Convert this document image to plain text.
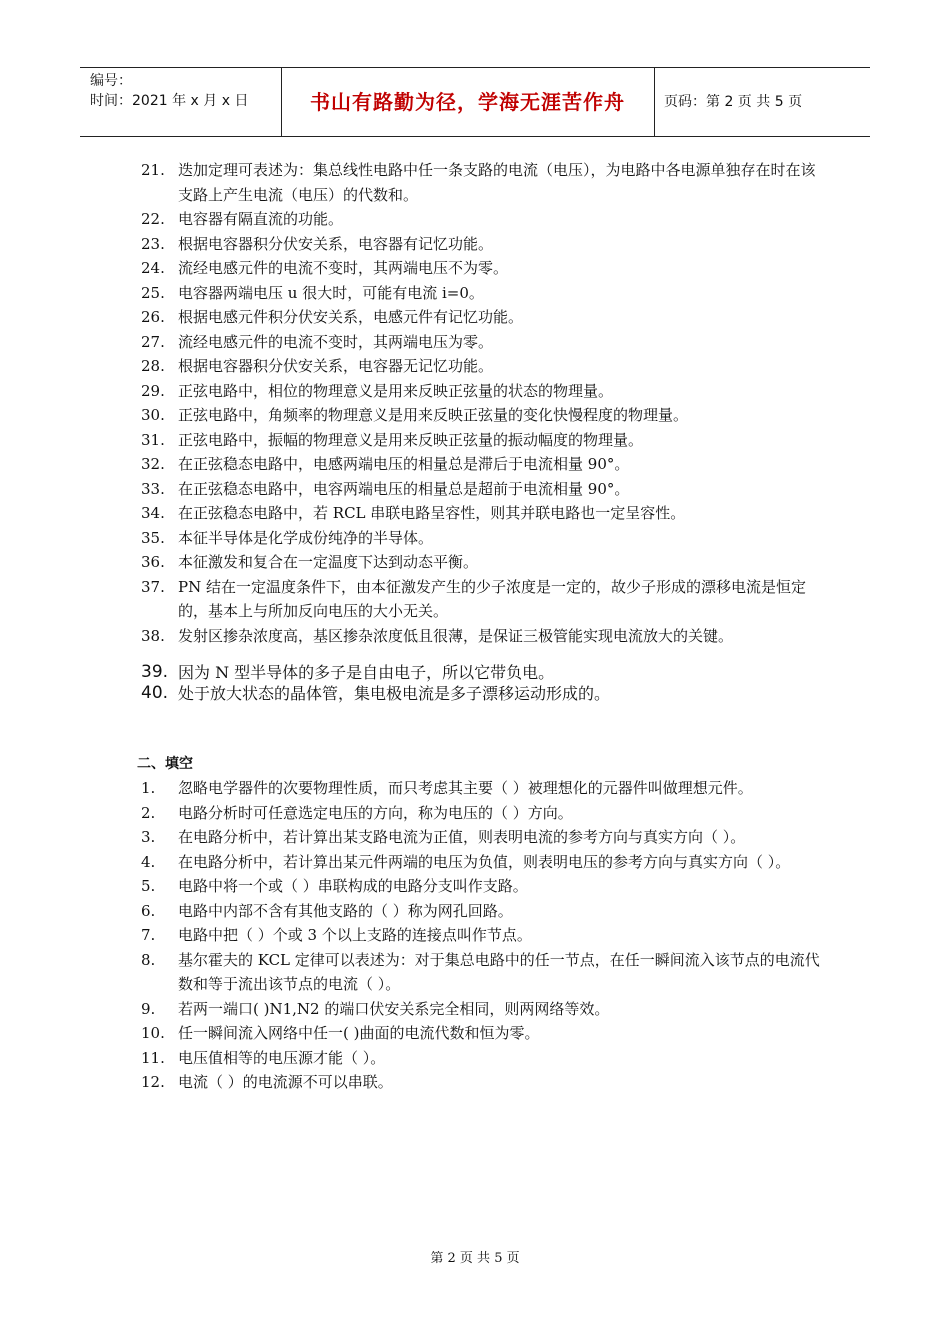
编号：
时间：2021 年 x 月 x 日	书山有路勤为径，学海无涯苦作舟	页码：第 2 页 共 5 页
21. 迭加定理可表述为：集总线性电路中任一条支路的电流（电压），为电路中各电源单独存在时在该支路上产生电流（电压）的代数和。
22. 电容器有隔直流的功能。
23. 根据电容器积分伏安关系，电容器有记忆功能。
24. 流经电感元件的电流不变时，其两端电压不为零。
25. 电容器两端电压 u 很大时，可能有电流 i=0。
26. 根据电感元件积分伏安关系，电感元件有记忆功能。
27. 流经电感元件的电流不变时，其两端电压为零。
28. 根据电容器积分伏安关系，电容器无记忆功能。
29. 正弦电路中，相位的物理意义是用来反映正弦量的状态的物理量。
30. 正弦电路中，角频率的物理意义是用来反映正弦量的变化快慢程度的物理量。
31. 正弦电路中，振幅的物理意义是用来反映正弦量的振动幅度的物理量。
32. 在正弦稳态电路中，电感两端电压的相量总是滞后于电流相量 90°。
33. 在正弦稳态电路中，电容两端电压的相量总是超前于电流相量 90°。
34. 在正弦稳态电路中，若 RCL 串联电路呈容性，则其并联电路也一定呈容性。
35. 本征半导体是化学成份纯净的半导体。
36. 本征激发和复合在一定温度下达到动态平衡。
37. PN 结在一定温度条件下，由本征激发产生的少子浓度是一定的，故少子形成的漂移电流是恒定的，基本上与所加反向电压的大小无关。
38. 发射区掺杂浓度高，基区掺杂浓度低且很薄，是保证三极管能实现电流放大的关键。
39. 因为 N 型半导体的多子是自由电子，所以它带负电。
40. 处于放大状态的晶体管，集电极电流是多子漂移运动形成的。
二、填空
1. 忽略电学器件的次要物理性质，而只考虑其主要（ ）被理想化的元器件叫做理想元件。
2. 电路分析时可任意选定电压的方向，称为电压的（ ）方向。
3. 在电路分析中，若计算出某支路电流为正值，则表明电流的参考方向与真实方向（ ）。
4. 在电路分析中，若计算出某元件两端的电压为负值，则表明电压的参考方向与真实方向（ ）。
5. 电路中将一个或（ ）串联构成的电路分支叫作支路。
6. 电路中内部不含有其他支路的（ ）称为网孔回路。
7. 电路中把（ ）个或 3 个以上支路的连接点叫作节点。
8. 基尔霍夫的 KCL 定律可以表述为：对于集总电路中的任一节点，在任一瞬间流入该节点的电流代数和等于流出该节点的电流（ ）。
9. 若两一端口( )N1,N2 的端口伏安关系完全相同，则两网络等效。
10. 任一瞬间流入网络中任一( )曲面的电流代数和恒为零。
11. 电压值相等的电压源才能（ ）。
12. 电流（ ）的电流源不可以串联。
第 2 页 共 5 页
